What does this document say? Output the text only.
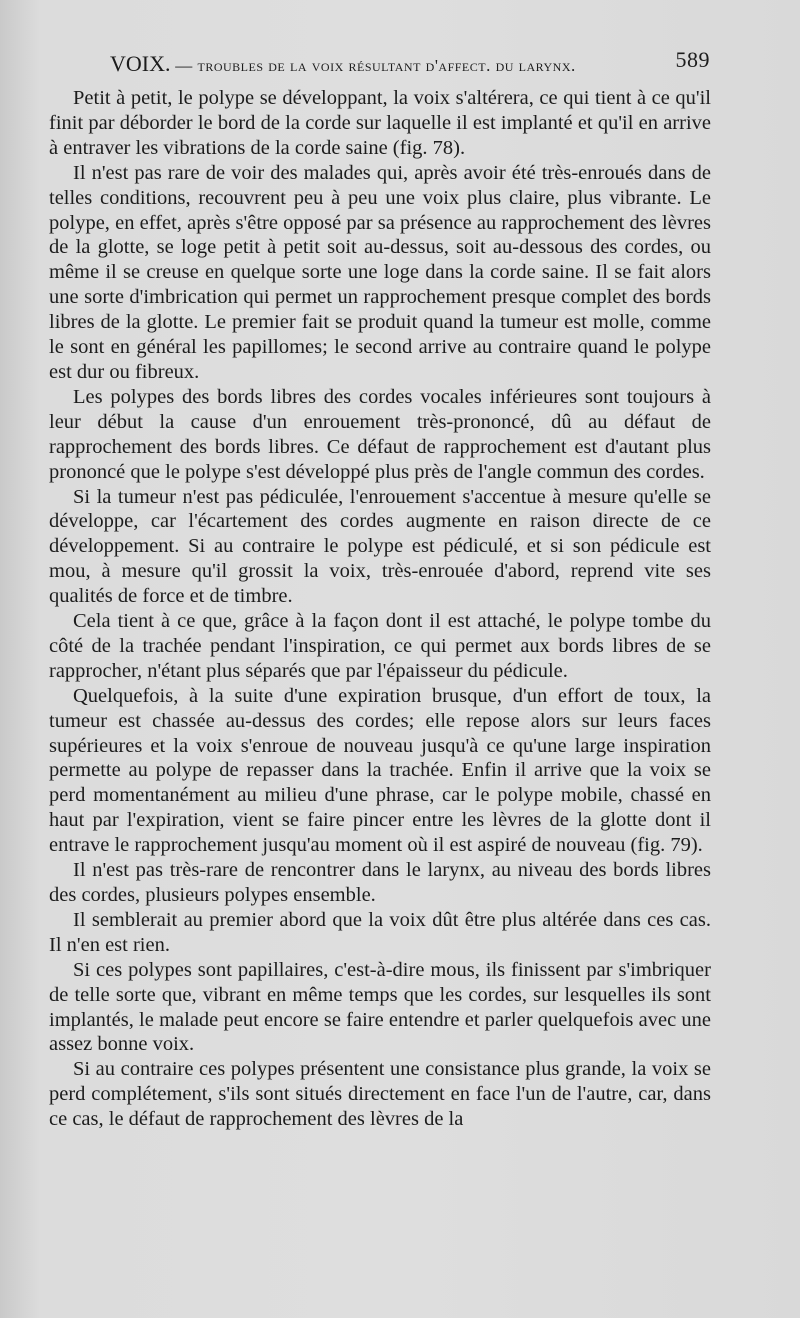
VOIX. — troubles de la voix résultant d'affect. du larynx.	589

Petit à petit, le polype se développant, la voix s'altérera, ce qui tient à ce qu'il finit par déborder le bord de la corde sur laquelle il est implanté et qu'il en arrive à entraver les vibrations de la corde saine (fig. 78).

Il n'est pas rare de voir des malades qui, après avoir été très-enroués dans de telles conditions, recouvrent peu à peu une voix plus claire, plus vibrante. Le polype, en effet, après s'être opposé par sa présence au rapprochement des lèvres de la glotte, se loge petit à petit soit au-dessus, soit au-dessous des cordes, ou même il se creuse en quelque sorte une loge dans la corde saine. Il se fait alors une sorte d'imbrication qui permet un rapprochement presque complet des bords libres de la glotte. Le premier fait se produit quand la tumeur est molle, comme le sont en général les papillomes; le second arrive au contraire quand le polype est dur ou fibreux.

Les polypes des bords libres des cordes vocales inférieures sont toujours à leur début la cause d'un enrouement très-prononcé, dû au défaut de rapprochement des bords libres. Ce défaut de rapprochement est d'autant plus prononcé que le polype s'est développé plus près de l'angle commun des cordes.

Si la tumeur n'est pas pédiculée, l'enrouement s'accentue à mesure qu'elle se développe, car l'écartement des cordes augmente en raison directe de ce développement. Si au contraire le polype est pédiculé, et si son pédicule est mou, à mesure qu'il grossit la voix, très-enrouée d'abord, reprend vite ses qualités de force et de timbre.

Cela tient à ce que, grâce à la façon dont il est attaché, le polype tombe du côté de la trachée pendant l'inspiration, ce qui permet aux bords libres de se rapprocher, n'étant plus séparés que par l'épaisseur du pédicule.

Quelquefois, à la suite d'une expiration brusque, d'un effort de toux, la tumeur est chassée au-dessus des cordes; elle repose alors sur leurs faces supérieures et la voix s'enroue de nouveau jusqu'à ce qu'une large inspiration permette au polype de repasser dans la trachée. Enfin il arrive que la voix se perd momentanément au milieu d'une phrase, car le polype mobile, chassé en haut par l'expiration, vient se faire pincer entre les lèvres de la glotte dont il entrave le rapprochement jusqu'au moment où il est aspiré de nouveau (fig. 79).

Il n'est pas très-rare de rencontrer dans le larynx, au niveau des bords libres des cordes, plusieurs polypes ensemble.

Il semblerait au premier abord que la voix dût être plus altérée dans ces cas. Il n'en est rien.

Si ces polypes sont papillaires, c'est-à-dire mous, ils finissent par s'imbriquer de telle sorte que, vibrant en même temps que les cordes, sur lesquelles ils sont implantés, le malade peut encore se faire entendre et parler quelquefois avec une assez bonne voix.

Si au contraire ces polypes présentent une consistance plus grande, la voix se perd complétement, s'ils sont situés directement en face l'un de l'autre, car, dans ce cas, le défaut de rapprochement des lèvres de la
